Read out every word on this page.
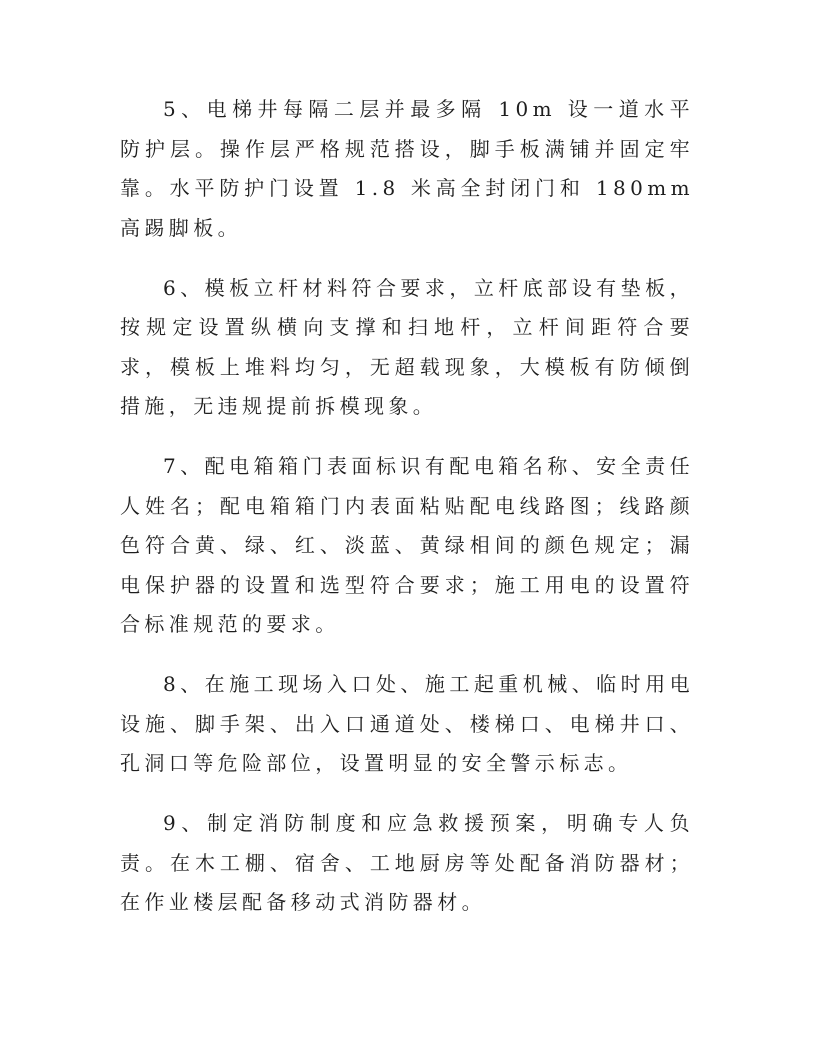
5、电梯井每隔二层并最多隔 10m 设一道水平防护层。操作层严格规范搭设，脚手板满铺并固定牢靠。水平防护门设置 1.8 米高全封闭门和 180mm 高踢脚板。

6、模板立杆材料符合要求，立杆底部设有垫板，按规定设置纵横向支撑和扫地杆，立杆间距符合要求，模板上堆料均匀，无超载现象，大模板有防倾倒措施，无违规提前拆模现象。

7、配电箱箱门表面标识有配电箱名称、安全责任人姓名；配电箱箱门内表面粘贴配电线路图；线路颜色符合黄、绿、红、淡蓝、黄绿相间的颜色规定；漏电保护器的设置和选型符合要求；施工用电的设置符合标准规范的要求。

8、在施工现场入口处、施工起重机械、临时用电设施、脚手架、出入口通道处、楼梯口、电梯井口、孔洞口等危险部位，设置明显的安全警示标志。

9、制定消防制度和应急救援预案，明确专人负责。在木工棚、宿舍、工地厨房等处配备消防器材；在作业楼层配备移动式消防器材。
